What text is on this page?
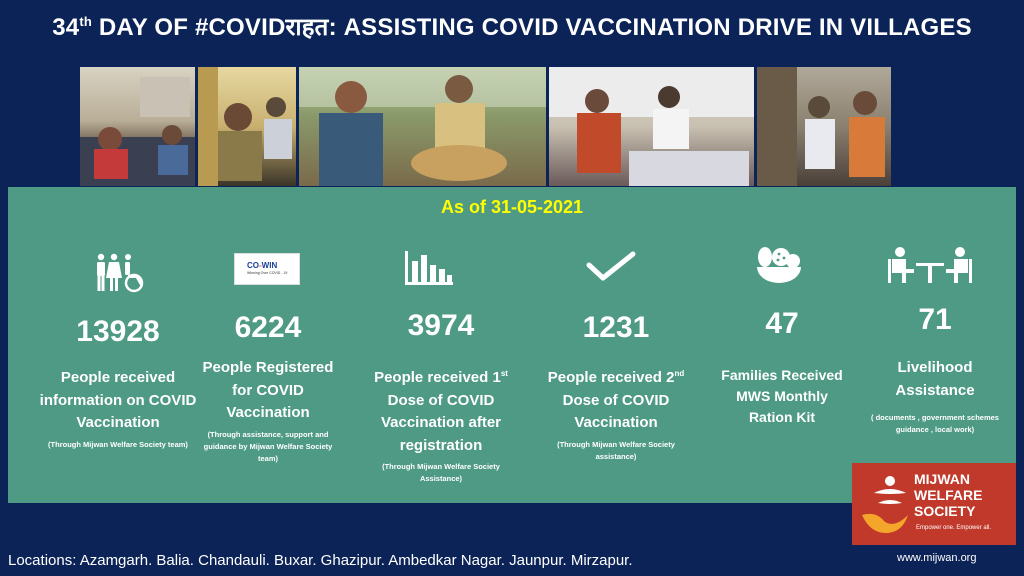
34th DAY OF #COVIDराहत: ASSISTING COVID VACCINATION DRIVE IN VILLAGES
As of 31-05-2021
13928
People received information on COVID Vaccination
(Through Mijwan Welfare Society team)
CO-WIN
Winning Over COVID - 19
6224
People Registered for COVID Vaccination
(Through assistance, support and guidance by Mijwan Welfare Society team)
3974
People received 1st Dose of COVID Vaccination after registration
(Through Mijwan Welfare Society Assistance)
1231
People received 2nd Dose of COVID Vaccination
(Through Mijwan Welfare Society assistance)
47
Families Received MWS Monthly Ration Kit
71
Livelihood Assistance
( documents , government schemes guidance , local work)
MIJWAN
WELFARE
SOCIETY
Empower one. Empower all.
Locations: Azamgarh. Balia. Chandauli. Buxar. Ghazipur. Ambedkar Nagar. Jaunpur. Mirzapur.	www.mijwan.org
